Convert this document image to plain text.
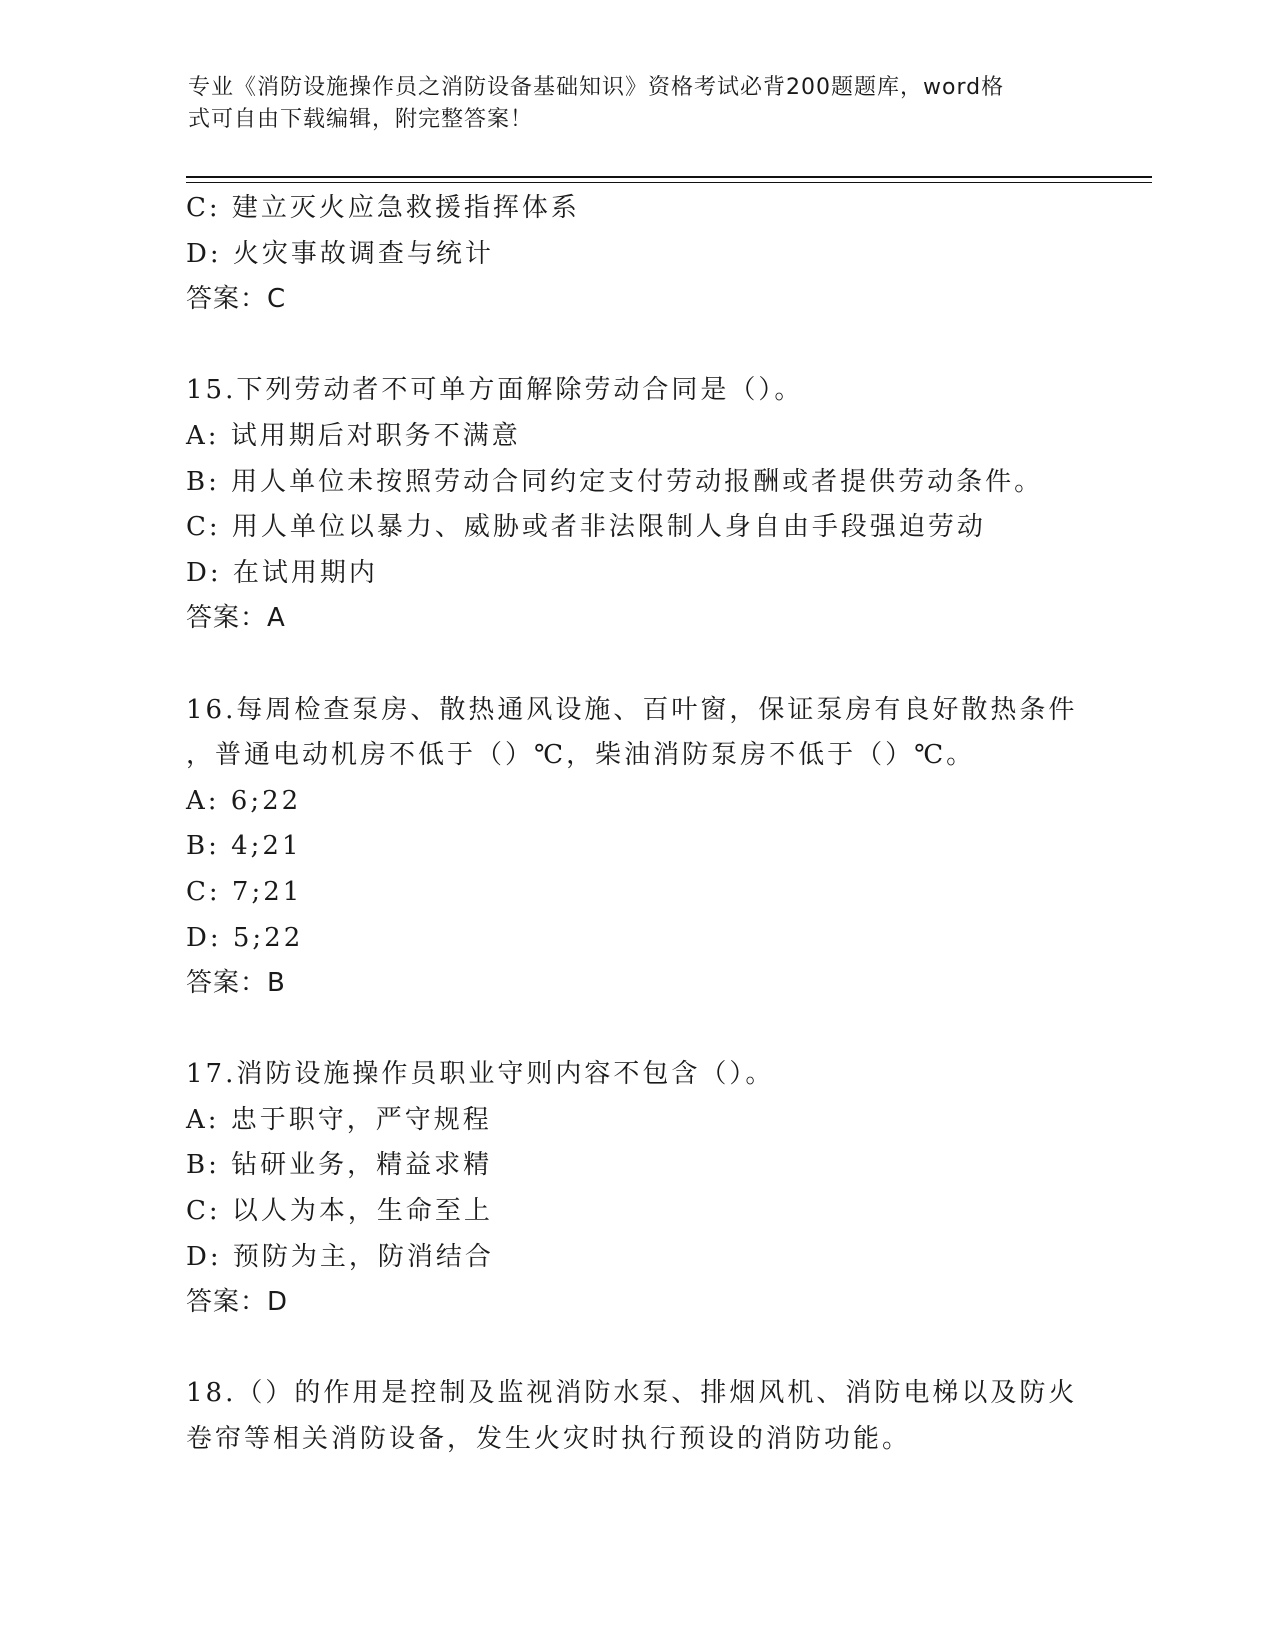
专业《消防设施操作员之消防设备基础知识》资格考试必背200题题库，word格
式可自由下载编辑，附完整答案！
C: 建立灭火应急救援指挥体系
D: 火灾事故调查与统计
答案：C
15.下列劳动者不可单方面解除劳动合同是（）。
A: 试用期后对职务不满意
B: 用人单位未按照劳动合同约定支付劳动报酬或者提供劳动条件。
C: 用人单位以暴力、威胁或者非法限制人身自由手段强迫劳动
D: 在试用期内
答案：A
16.每周检查泵房、散热通风设施、百叶窗，保证泵房有良好散热条件
，普通电动机房不低于（）℃，柴油消防泵房不低于（）℃。
A: 6;22
B: 4;21
C: 7;21
D: 5;22
答案：B
17.消防设施操作员职业守则内容不包含（）。
A: 忠于职守，严守规程
B: 钻研业务，精益求精
C: 以人为本，生命至上
D: 预防为主，防消结合
答案：D
18.（）的作用是控制及监视消防水泵、排烟风机、消防电梯以及防火
卷帘等相关消防设备，发生火灾时执行预设的消防功能。
